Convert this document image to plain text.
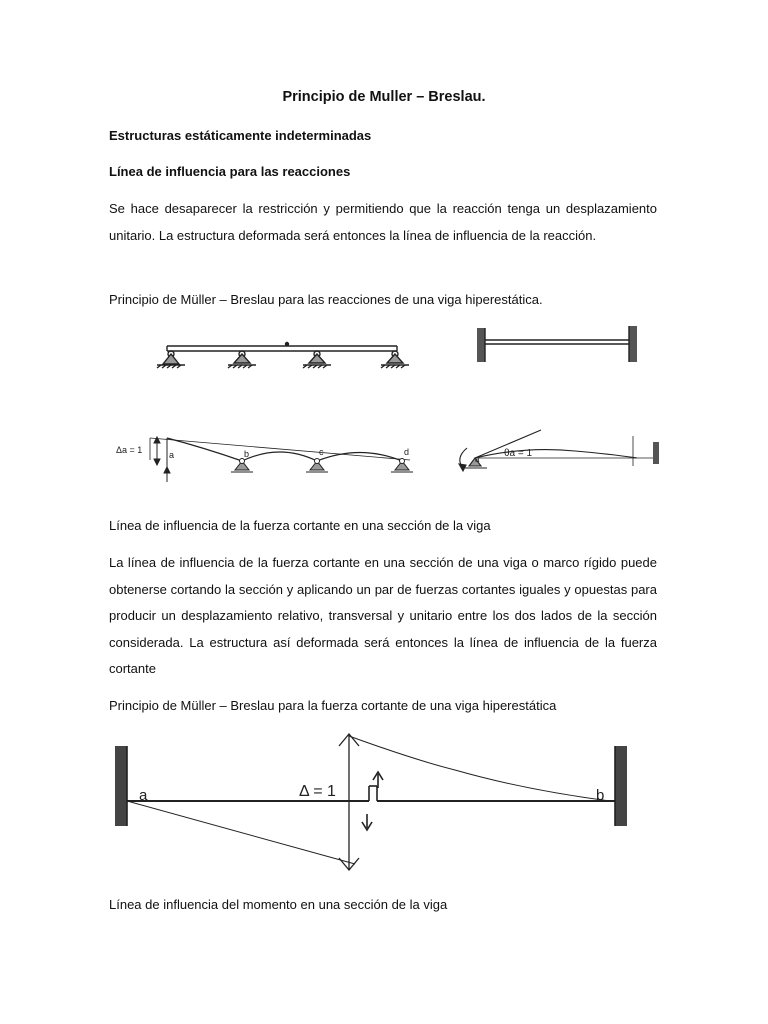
Principio de Muller – Breslau.

Estructuras estáticamente indeterminadas

Línea de influencia para las reacciones

Se hace desaparecer la restricción y permitiendo que la reacción tenga un desplazamiento unitario. La estructura deformada será entonces la línea de influencia de la reacción.

Principio de Müller – Breslau para las reacciones de una viga hiperestática.

Δa = 1	a	b	c	d
a
θa = 1

Línea de influencia de la fuerza cortante en una sección de la viga

La línea de influencia de la fuerza cortante en una sección de una viga o marco rígido puede obtenerse cortando la sección y aplicando un par de fuerzas cortantes iguales y opuestas para producir un desplazamiento relativo, transversal y unitario entre los dos lados de la sección considerada. La estructura así deformada será entonces la línea de influencia de la fuerza cortante

Principio de Müller – Breslau para la fuerza cortante de una viga hiperestática

a	b
Δ = 1

Línea de influencia del momento en una sección de la viga
